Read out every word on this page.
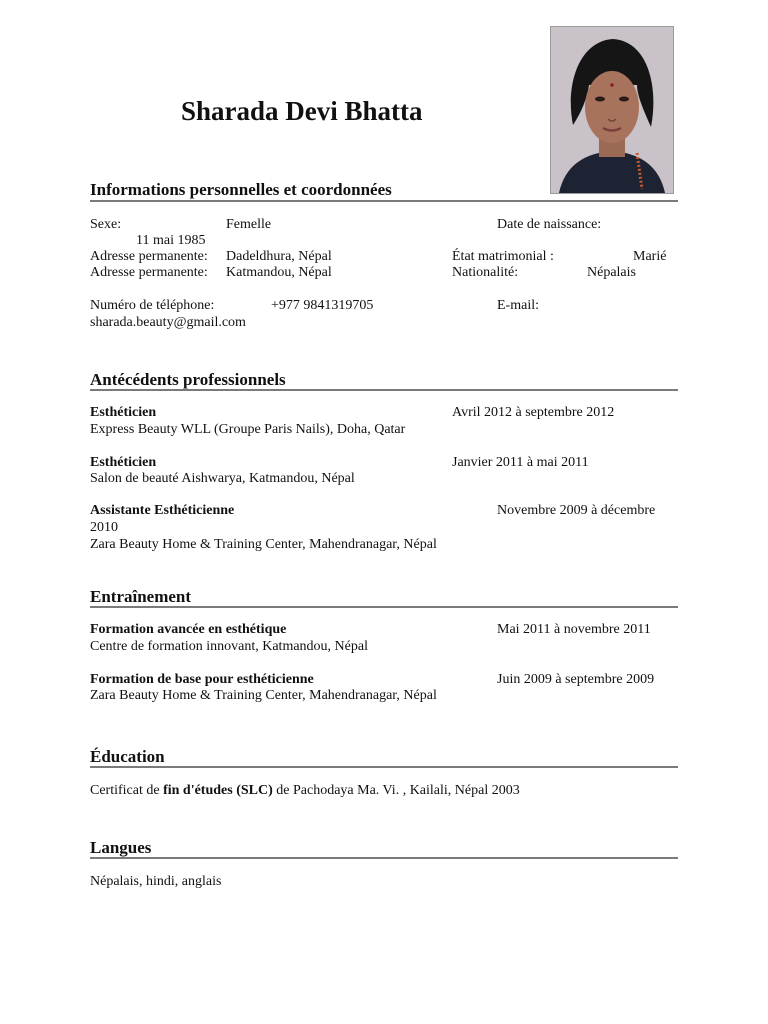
Sharada Devi Bhatta
Informations personnelles et coordonnées
Sexe:	Femelle	Date de naissance:
11 mai 1985
Adresse permanente: Dadeldhura, Népal	État matrimonial :	Marié
Adresse permanente: Katmandou, Népal	Nationalité:	Népalais
Numéro de téléphone:	+977 9841319705	E-mail:
sharada.beauty@gmail.com
Antécédents professionnels
Esthéticien	Avril 2012 à septembre 2012
Express Beauty WLL (Groupe Paris Nails), Doha, Qatar
Esthéticien	Janvier 2011 à mai 2011
Salon de beauté Aishwarya, Katmandou, Népal
Assistante Esthéticienne	Novembre 2009 à décembre
2010
Zara Beauty Home & Training Center, Mahendranagar, Népal
Entraînement
Formation avancée en esthétique	Mai 2011 à novembre 2011
Centre de formation innovant, Katmandou, Népal
Formation de base pour esthéticienne	Juin 2009 à septembre 2009
Zara Beauty Home & Training Center, Mahendranagar, Népal
Éducation
Certificat de fin d'études (SLC) de Pachodaya Ma. Vi. , Kailali, Népal 2003
Langues
Népalais, hindi, anglais
